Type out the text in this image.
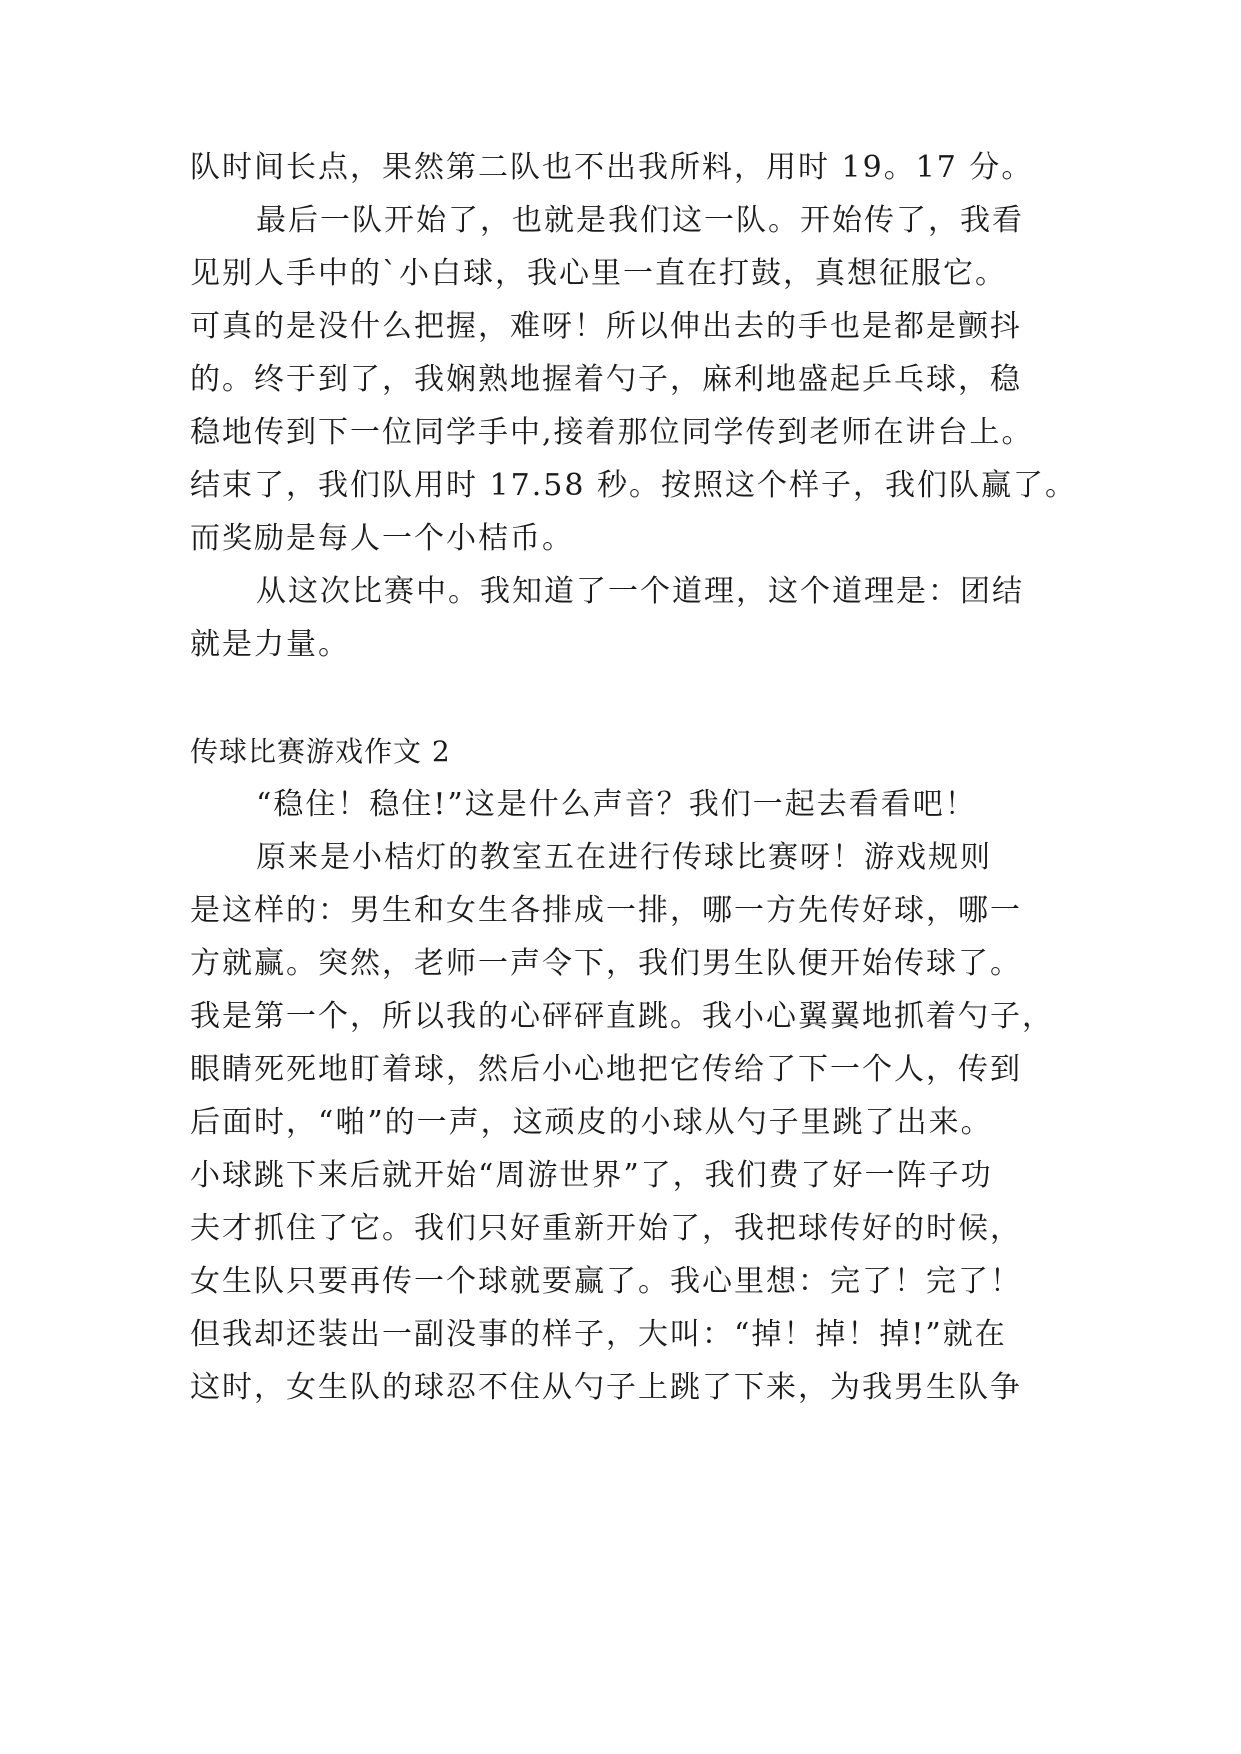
队时间长点，果然第二队也不出我所料，用时 19。17 分。
最后一队开始了，也就是我们这一队。开始传了，我看
见别人手中的`小白球，我心里一直在打鼓，真想征服它。
可真的是没什么把握，难呀！所以伸出去的手也是都是颤抖
的。终于到了，我娴熟地握着勺子，麻利地盛起乒乓球，稳
稳地传到下一位同学手中,接着那位同学传到老师在讲台上。
结束了，我们队用时 17.58 秒。按照这个样子，我们队赢了。
而奖励是每人一个小桔币。
从这次比赛中。我知道了一个道理，这个道理是：团结
就是力量。
传球比赛游戏作文 2
“稳住！稳住!”这是什么声音？我们一起去看看吧！
原来是小桔灯的教室五在进行传球比赛呀！游戏规则
是这样的：男生和女生各排成一排，哪一方先传好球，哪一
方就赢。突然，老师一声令下，我们男生队便开始传球了。
我是第一个，所以我的心砰砰直跳。我小心翼翼地抓着勺子，
眼睛死死地盯着球，然后小心地把它传给了下一个人，传到
后面时，“啪”的一声，这顽皮的小球从勺子里跳了出来。
小球跳下来后就开始“周游世界”了，我们费了好一阵子功
夫才抓住了它。我们只好重新开始了，我把球传好的时候，
女生队只要再传一个球就要赢了。我心里想：完了！完了！
但我却还装出一副没事的样子，大叫：“掉！掉！掉!”就在
这时，女生队的球忍不住从勺子上跳了下来，为我男生队争
